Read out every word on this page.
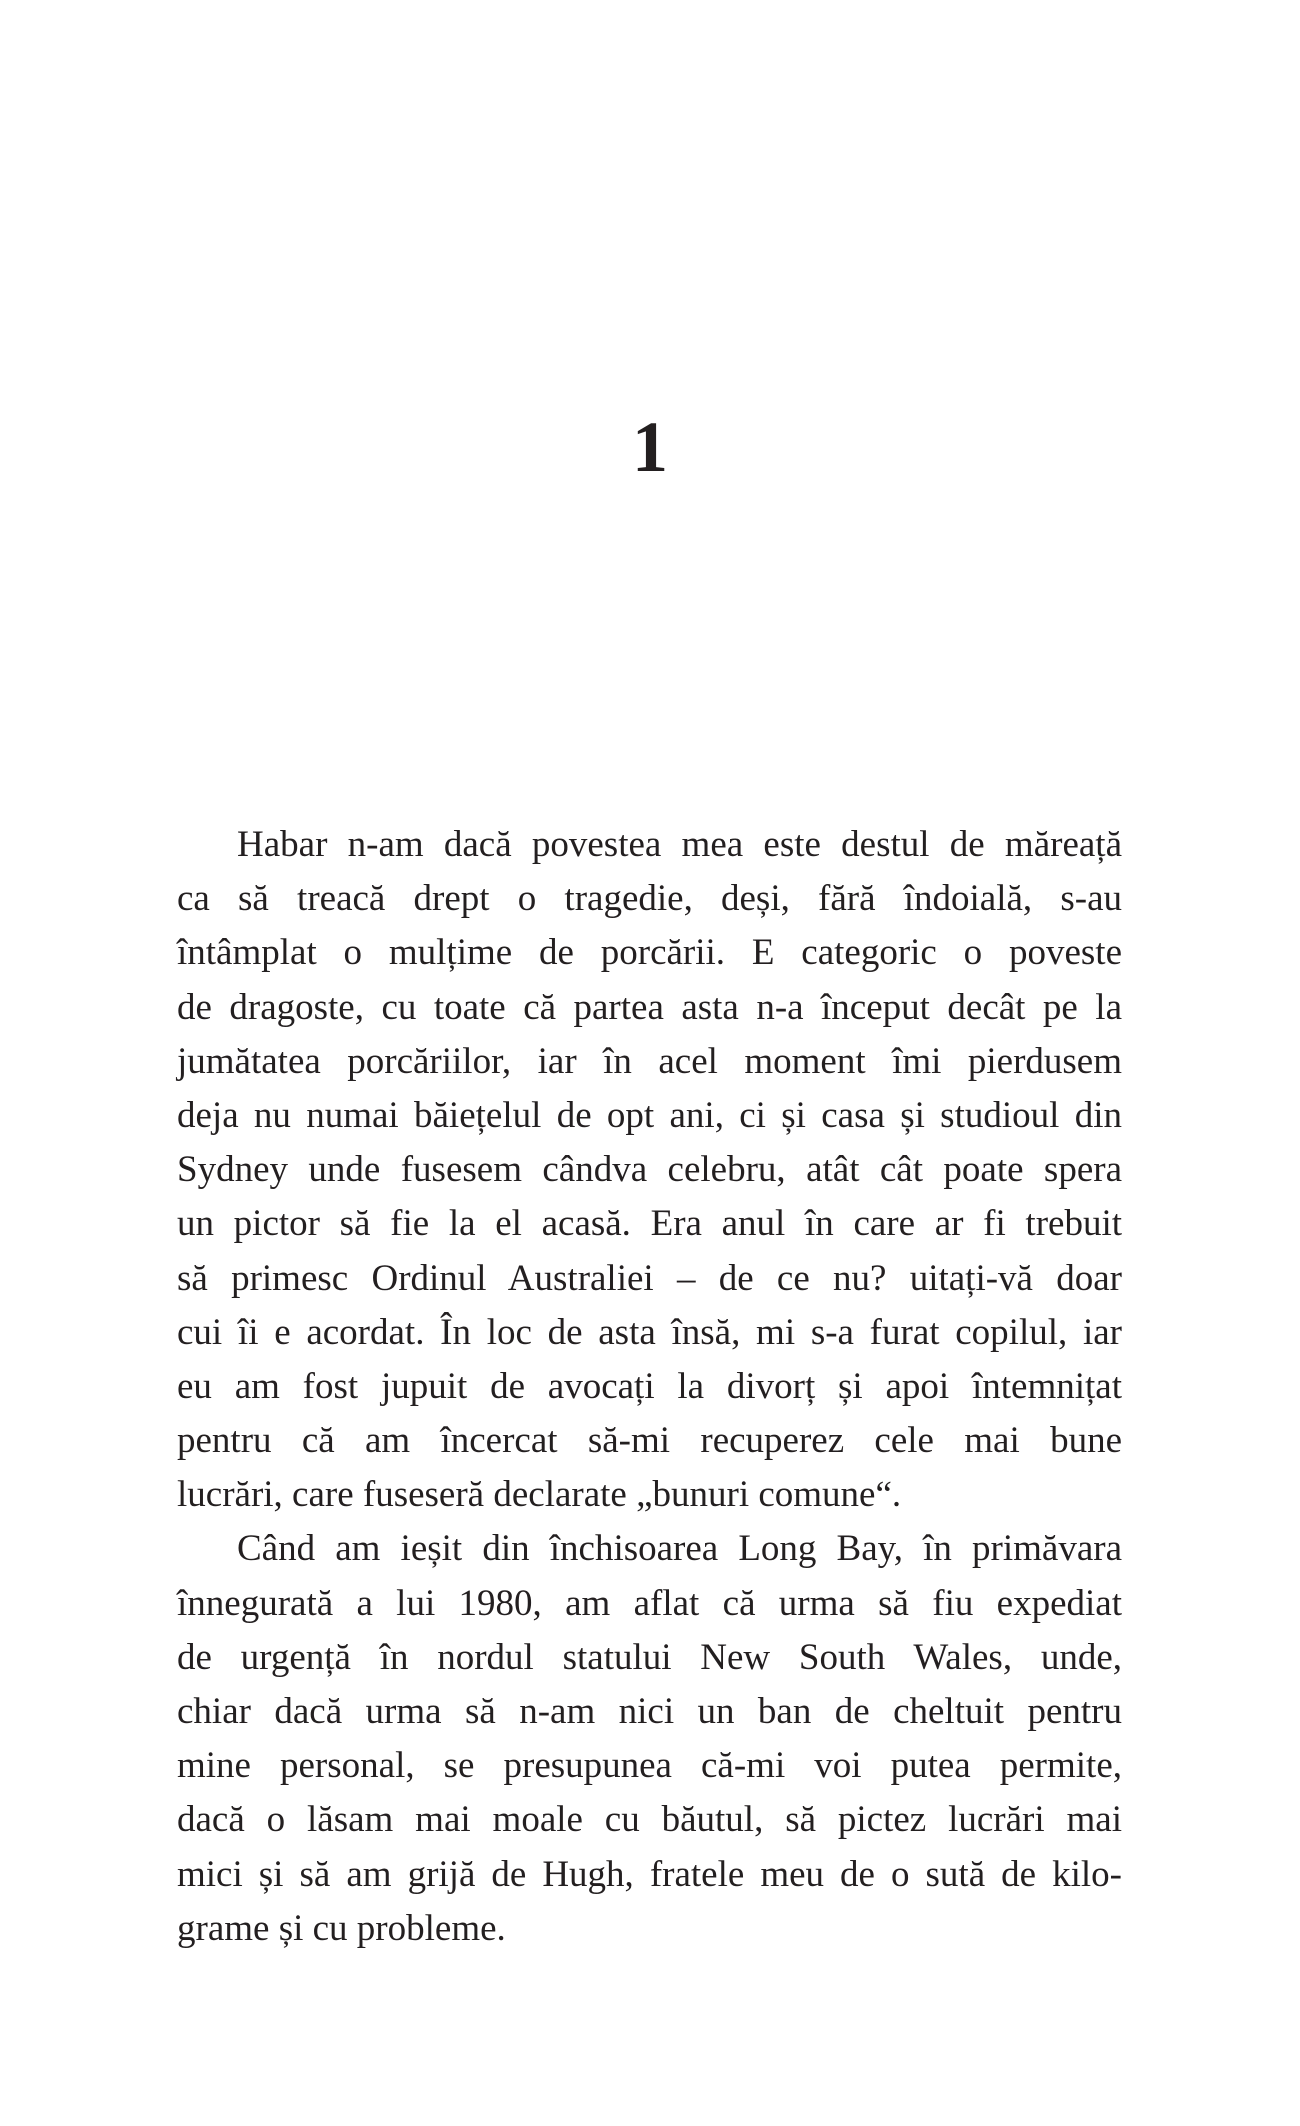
1
Habar n-am dacă povestea mea este destul de măreață
ca să treacă drept o tragedie, deși, fără îndoială, s-au
întâmplat o mulțime de porcării. E categoric o poveste
de dragoste, cu toate că partea asta n-a început decât pe la
jumătatea porcăriilor, iar în acel moment îmi pierdusem
deja nu numai băiețelul de opt ani, ci și casa și studioul din
Sydney unde fusesem cândva celebru, atât cât poate spera
un pictor să fie la el acasă. Era anul în care ar fi trebuit
să primesc Ordinul Australiei – de ce nu? uitați-vă doar
cui îi e acordat. În loc de asta însă, mi s-a furat copilul, iar
eu am fost jupuit de avocați la divorț și apoi întemnițat
pentru că am încercat să-mi recuperez cele mai bune
lucrări, care fuseseră declarate „bunuri comune“.
Când am ieșit din închisoarea Long Bay, în primăvara
înnegurată a lui 1980, am aflat că urma să fiu expediat
de urgență în nordul statului New South Wales, unde,
chiar dacă urma să n-am nici un ban de cheltuit pentru
mine personal, se presupunea că-mi voi putea permite,
dacă o lăsam mai moale cu băutul, să pictez lucrări mai
mici și să am grijă de Hugh, fratele meu de o sută de kilo-
grame și cu probleme.
